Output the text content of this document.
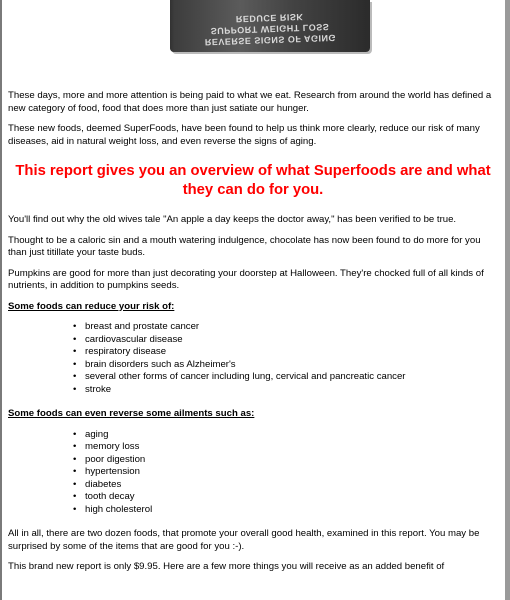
REVERSE SIGNS OF AGING
SUPPORT WEIGHT LOSS
REDUCE RISK

These days, more and more attention is being paid to what we eat. Research from around the world has defined a new category of food, food that does more than just satiate our hunger.

These new foods, deemed SuperFoods, have been found to help us think more clearly, reduce our risk of many diseases, aid in natural weight loss, and even reverse the signs of aging.

This report gives you an overview of what Superfoods are and what they can do for you.

You'll find out why the old wives tale "An apple a day keeps the doctor away," has been verified to be true.

Thought to be a caloric sin and a mouth watering indulgence, chocolate has now been found to do more for you than just titillate your taste buds.

Pumpkins are good for more than just decorating your doorstep at Halloween. They're chocked full of all kinds of nutrients, in addition to pumpkins seeds.

Some foods can reduce your risk of:
• breast and prostate cancer
• cardiovascular disease
• respiratory disease
• brain disorders such as Alzheimer's
• several other forms of cancer including lung, cervical and pancreatic cancer
• stroke
Some foods can even reverse some ailments such as:
• aging
• memory loss
• poor digestion
• hypertension
• diabetes
• tooth decay
• high cholesterol

All in all, there are two dozen foods, that promote your overall good health, examined in this report. You may be surprised by some of the items that are good for you :-).

This brand new report is only $9.95. Here are a few more things you will receive as an added benefit of
